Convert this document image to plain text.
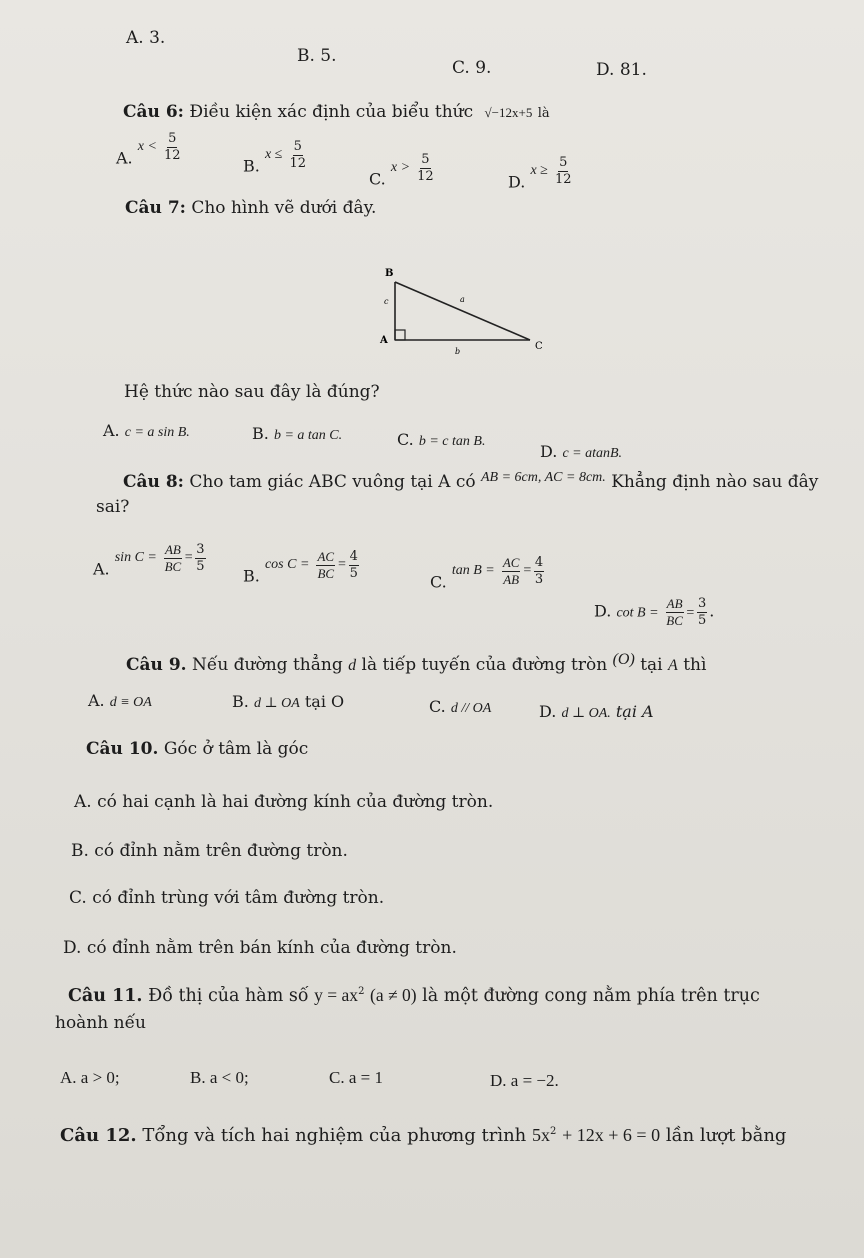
A. 3.
B. 5.
C. 9.	D. 81.
Câu 6: Điều kiện xác định của biểu thức √−12x+5 là
A. $x < \frac{5}{12}$
B. $x \le \frac{5}{12}$
C. $x > \frac{5}{12}$	D. $x \ge \frac{5}{12}$
Câu 7: Cho hình vẽ dưới đây.
B
A
C
a
b
c
Hệ thức nào sau đây là đúng?
A. c = a sin B.	B. b = a tan C.	C. b = c tan B.
D. c = atanB.
Câu 8: Cho tam giác ABC vuông tại A có $^{AB = 6cm, AC = 8cm.}$ Khẳng định nào sau đây
sai?
A. $\sin C = \frac{AB}{BC} = \frac{3}{5}$
B. $\cos C = \frac{AC}{BC} = \frac{4}{5}$
C. $\tan B = \frac{AC}{AB} = \frac{4}{3}$
D. $\cot B = \frac{AB}{BC} = \frac{3}{5}$ .
Câu 9. Nếu đường thẳng d là tiếp tuyến của đường tròn (O) tại A thì
A. d ≡ OA	B. d ⊥ OA tại O	C. d // OA	D. d ⊥ OA. tại A
Câu 10. Góc ở tâm là góc
A. có hai cạnh là hai đường kính của đường tròn.
B. có đỉnh nằm trên đường tròn.
C. có đỉnh trùng với tâm đường tròn.
D. có đỉnh nằm trên bán kính của đường tròn.
Câu 11. Đồ thị của hàm số $y = ax^2$ (a ≠ 0) là một đường cong nằm phía trên trục
hoành nếu
A. a > 0;	B. a < 0;	C. a = 1	D. a = −2.
Câu 12. Tổng và tích hai nghiệm của phương trình $5x^2 + 12x + 6 = 0$ lần lượt bằng
